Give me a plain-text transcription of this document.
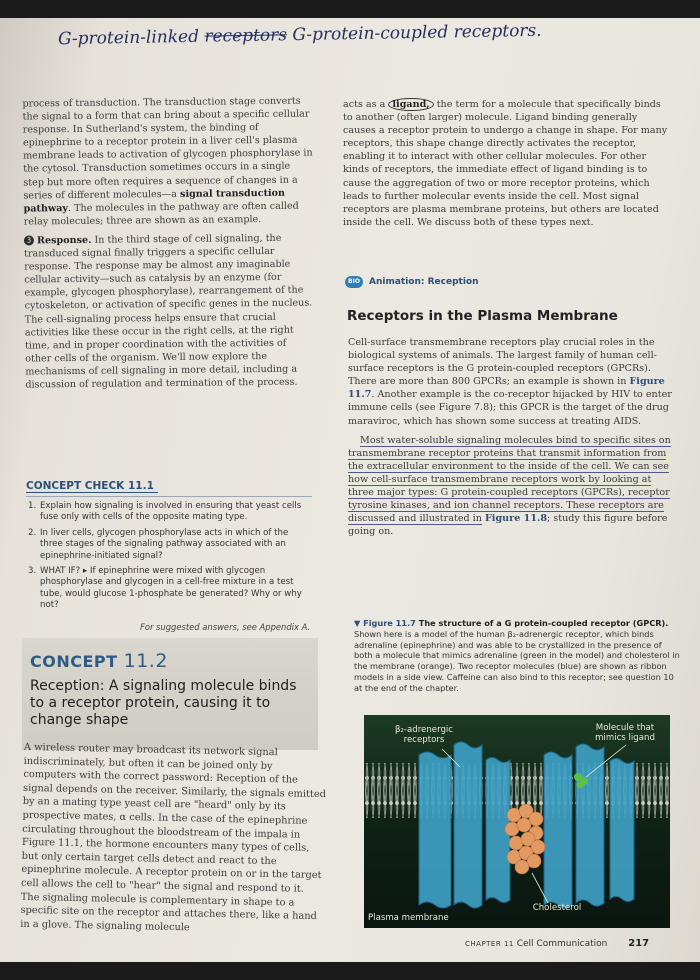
G-protein-linked receptors G-protein-coupled receptors.

process of transduction. The transduction stage converts the signal to a form that can bring about a specific cellular response. In Sutherland's system, the binding of epinephrine to a receptor protein in a liver cell's plasma membrane leads to activation of glycogen phosphorylase in the cytosol. Transduction sometimes occurs in a single step but more often requires a sequence of changes in a series of different molecules—a signal transduction pathway. The molecules in the pathway are often called relay molecules; three are shown as an example.

3 Response. In the third stage of cell signaling, the transduced signal finally triggers a specific cellular response. The response may be almost any imaginable cellular activity—such as catalysis by an enzyme (for example, glycogen phosphorylase), rearrangement of the cytoskeleton, or activation of specific genes in the nucleus. The cell-signaling process helps ensure that crucial activities like these occur in the right cells, at the right time, and in proper coordination with the activities of other cells of the organism. We'll now explore the mechanisms of cell signaling in more detail, including a discussion of regulation and termination of the process.

CONCEPT CHECK 11.1
1. Explain how signaling is involved in ensuring that yeast cells fuse only with cells of the opposite mating type.
2. In liver cells, glycogen phosphorylase acts in which of the three stages of the signaling pathway associated with an epinephrine-initiated signal?
3. WHAT IF? ▸ If epinephrine were mixed with glycogen phosphorylase and glycogen in a cell-free mixture in a test tube, would glucose 1-phosphate be generated? Why or why not?
For suggested answers, see Appendix A.
CONCEPT 11.2
Reception: A signaling molecule binds to a receptor protein, causing it to change shape

A wireless router may broadcast its network signal indiscriminately, but often it can be joined only by computers with the correct password: Reception of the signal depends on the receiver. Similarly, the signals emitted by an a mating type yeast cell are "heard" only by its prospective mates, α cells. In the case of the epinephrine circulating throughout the bloodstream of the impala in Figure 11.1, the hormone encounters many types of cells, but only certain target cells detect and react to the epinephrine molecule. A receptor protein on or in the target cell allows the cell to "hear" the signal and respond to it. The signaling molecule is complementary in shape to a specific site on the receptor and attaches there, like a hand in a glove. The signaling molecule

acts as a ligand, the term for a molecule that specifically binds to another (often larger) molecule. Ligand binding generally causes a receptor protein to undergo a change in shape. For many receptors, this shape change directly activates the receptor, enabling it to interact with other cellular molecules. For other kinds of receptors, the immediate effect of ligand binding is to cause the aggregation of two or more receptor proteins, which leads to further molecular events inside the cell. Most signal receptors are plasma membrane proteins, but others are located inside the cell. We discuss both of these types next.

BIO	Animation: Reception
Receptors in the Plasma Membrane

Cell-surface transmembrane receptors play crucial roles in the biological systems of animals. The largest family of human cell-surface receptors is the G protein-coupled receptors (GPCRs). There are more than 800 GPCRs; an example is shown in Figure 11.7. Another example is the co-receptor hijacked by HIV to enter immune cells (see Figure 7.8); this GPCR is the target of the drug maraviroc, which has shown some success at treating AIDS.

Most water-soluble signaling molecules bind to specific sites on transmembrane receptor proteins that transmit information from the extracellular environment to the inside of the cell. We can see how cell-surface transmembrane receptors work by looking at three major types: G protein-coupled receptors (GPCRs), receptor tyrosine kinases, and ion channel receptors. These receptors are discussed and illustrated in Figure 11.8; study this figure before going on.

▼ Figure 11.7 The structure of a G protein-coupled receptor (GPCR). Shown here is a model of the human β₂-adrenergic receptor, which binds adrenaline (epinephrine) and was able to be crystallized in the presence of both a molecule that mimics adrenaline (green in the model) and cholesterol in the membrane (orange). Two receptor molecules (blue) are shown as ribbon models in a side view. Caffeine can also bind to this receptor; see question 10 at the end of the chapter.
β₂-adrenergic receptors
Molecule that mimics ligand
Cholesterol
Plasma membrane
CHAPTER 11 Cell Communication 217
